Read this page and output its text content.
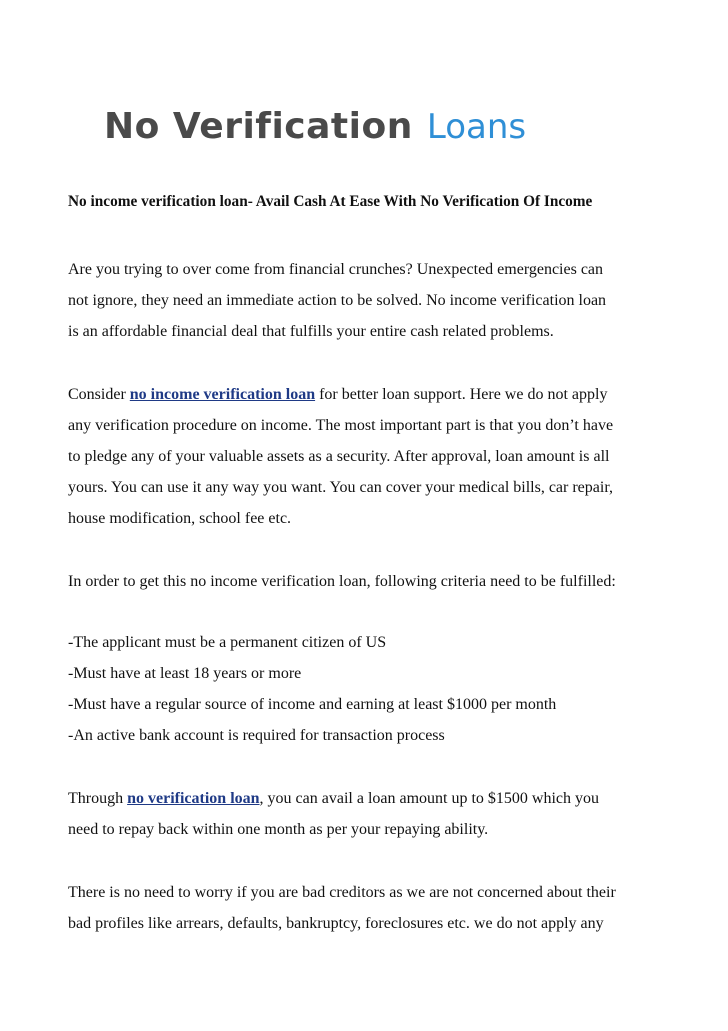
No Verification Loans
No income verification loan- Avail Cash At Ease With No Verification Of Income
Are you trying to over come from financial crunches? Unexpected emergencies can
not ignore, they need an immediate action to be solved. No income verification loan
is an affordable financial deal that fulfills your entire cash related problems.
Consider no income verification loan for better loan support. Here we do not apply
any verification procedure on income. The most important part is that you don’t have
to pledge any of your valuable assets as a security. After approval, loan amount is all
yours. You can use it any way you want. You can cover your medical bills, car repair,
house modification, school fee etc.
In order to get this no income verification loan, following criteria need to be fulfilled:
-The applicant must be a permanent citizen of US
-Must have at least 18 years or more
-Must have a regular source of income and earning at least $1000 per month
-An active bank account is required for transaction process
Through no verification loan, you can avail a loan amount up to $1500 which you
need to repay back within one month as per your repaying ability.
There is no need to worry if you are bad creditors as we are not concerned about their
bad profiles like arrears, defaults, bankruptcy, foreclosures etc. we do not apply any
